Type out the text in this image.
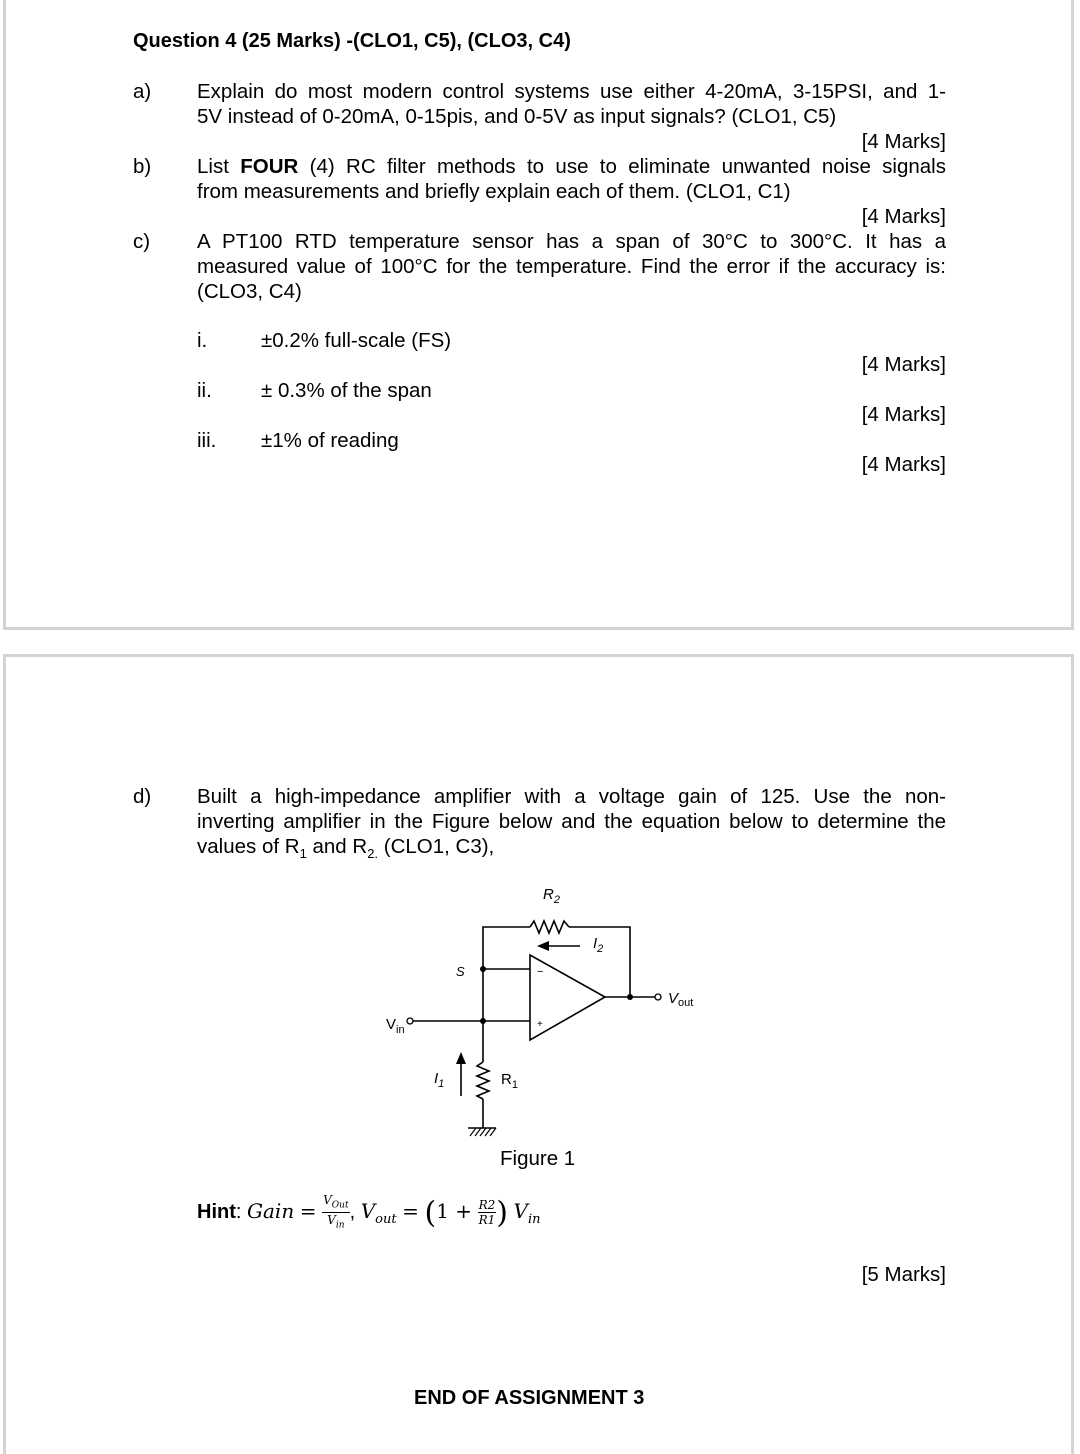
Question 4 (25 Marks) -(CLO1, C5), (CLO3, C4)
a) Explain do most modern control systems use either 4-20mA, 3-15PSI, and 1-
5V instead of 0-20mA, 0-15pis, and 0-5V as input signals? (CLO1, C5)
[4 Marks]
b) List FOUR (4) RC filter methods to use to eliminate unwanted noise signals
from measurements and briefly explain each of them. (CLO1, C1)
[4 Marks]
c) A PT100 RTD temperature sensor has a span of 30°C to 300°C. It has a
measured value of 100°C for the temperature. Find the error if the accuracy is:
(CLO3, C4)
i.	±0.2% full-scale (FS)
[4 Marks]
ii. ± 0.3% of the span
[4 Marks]
iii. ±1% of reading
[4 Marks]
d) Built a high-impedance amplifier with a voltage gain of 125. Use the non-
inverting amplifier in the Figure below and the equation below to determine the
values of $R_1$ and $R_{2.}$ (CLO1, C3),
$R_2$
$I_2$
S	−
+
$V_{out}$
$V_{in}$
$I_1$	$R_1$
Figure 1
Hint: Gain = $\frac{V_{Out}}{V_{in}}$ , $V_{out} = (1 + \frac{R2}{R1}$ ) $V_{in}$
[5 Marks]
END OF ASSIGNMENT 3
